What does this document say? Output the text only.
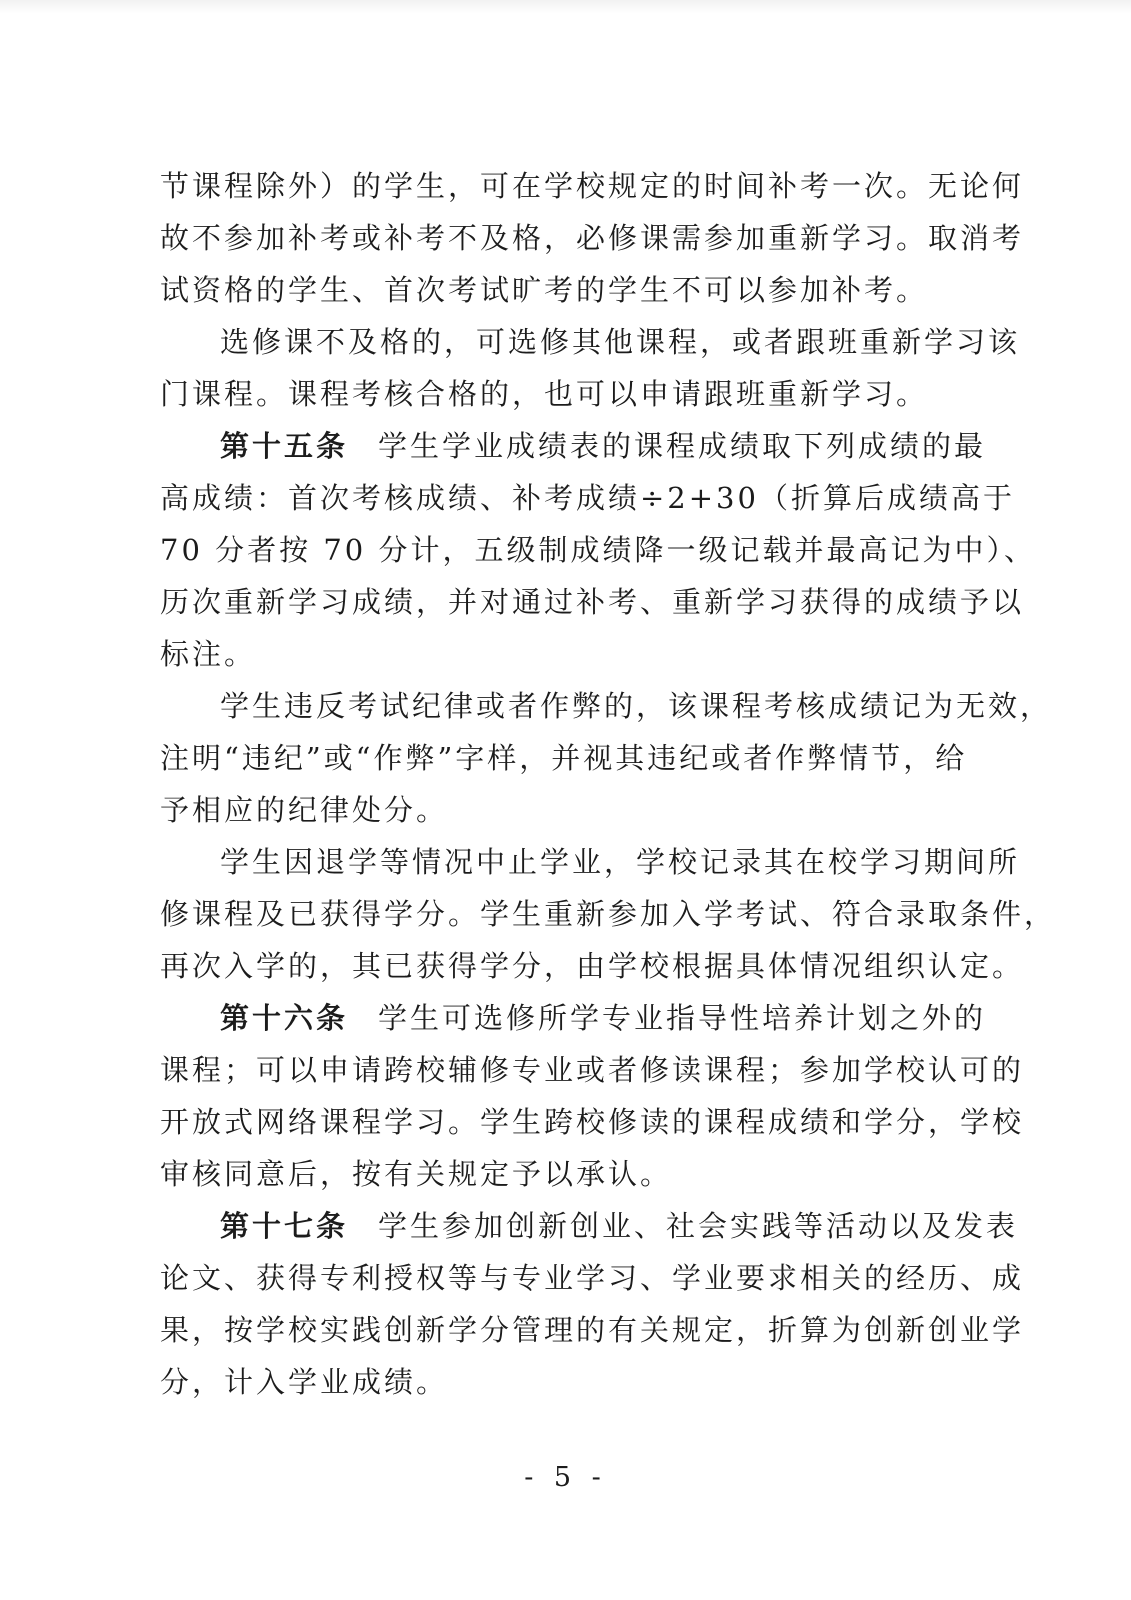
节课程除外）的学生，可在学校规定的时间补考一次。无论何
故不参加补考或补考不及格，必修课需参加重新学习。取消考
试资格的学生、首次考试旷考的学生不可以参加补考。
选修课不及格的，可选修其他课程，或者跟班重新学习该
门课程。课程考核合格的，也可以申请跟班重新学习。
第十五条 学生学业成绩表的课程成绩取下列成绩的最
高成绩：首次考核成绩、补考成绩÷2+30（折算后成绩高于
70 分者按 70 分计，五级制成绩降一级记载并最高记为中）、
历次重新学习成绩，并对通过补考、重新学习获得的成绩予以
标注。
学生违反考试纪律或者作弊的，该课程考核成绩记为无效，
注明“违纪”或“作弊”字样，并视其违纪或者作弊情节，给
予相应的纪律处分。
学生因退学等情况中止学业，学校记录其在校学习期间所
修课程及已获得学分。学生重新参加入学考试、符合录取条件，
再次入学的，其已获得学分，由学校根据具体情况组织认定。
第十六条 学生可选修所学专业指导性培养计划之外的
课程；可以申请跨校辅修专业或者修读课程；参加学校认可的
开放式网络课程学习。学生跨校修读的课程成绩和学分，学校
审核同意后，按有关规定予以承认。
第十七条 学生参加创新创业、社会实践等活动以及发表
论文、获得专利授权等与专业学习、学业要求相关的经历、成
果，按学校实践创新学分管理的有关规定，折算为创新创业学
分，计入学业成绩。
- 5 -
